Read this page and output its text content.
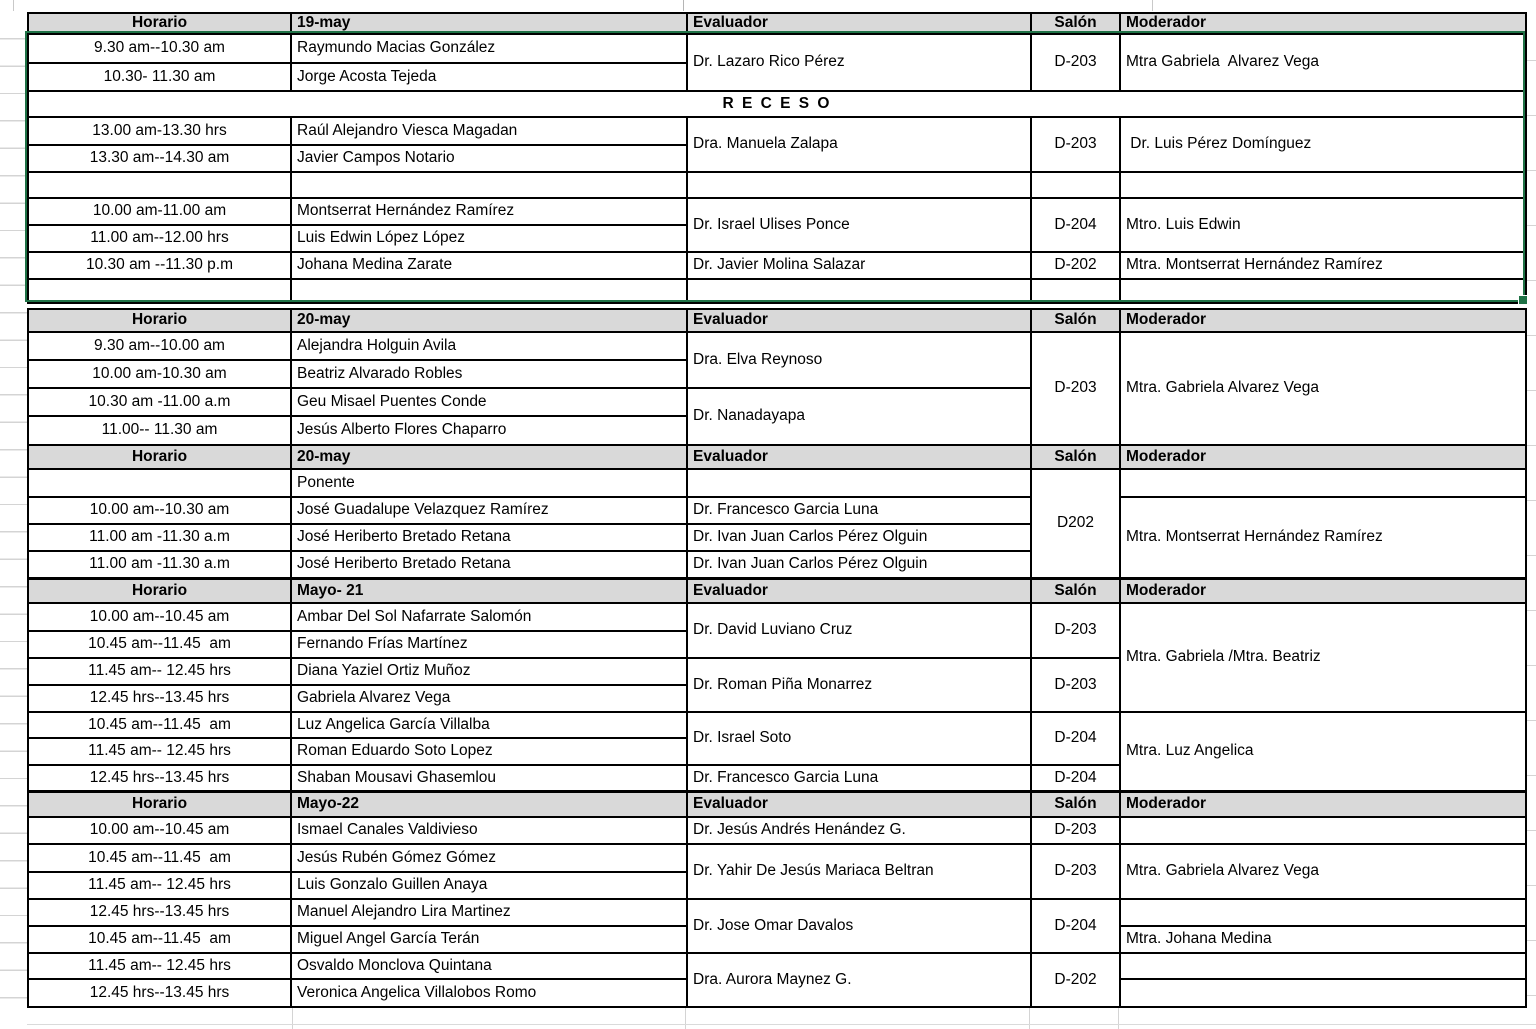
Horario	19-may	Evaluador	Salón	Moderador
9.30 am--10.30 am	Raymundo Macias González	Dr. Lazaro Rico Pérez	D-203	Mtra Gabriela  Alvarez Vega
10.30- 11.30 am	Jorge Acosta Tejeda			
R E C E S O				
13.00 am-13.30 hrs	Raúl Alejandro Viesca Magadan	Dra. Manuela Zalapa	D-203	Dr. Luis Pérez Domínguez
13.30 am--14.30 am	Javier Campos Notario			

10.00 am-11.00 am	Montserrat Hernández Ramírez	Dr. Israel Ulises Ponce	D-204	Mtro. Luis Edwin
11.00 am--12.00 hrs	Luis Edwin López López			
10.30 am --11.30 p.m	Johana Medina Zarate	Dr. Javier Molina Salazar	D-202	Mtra. Montserrat Hernández Ramírez

Horario	20-may	Evaluador	Salón	Moderador
9.30 am--10.00 am	Alejandra Holguin Avila	Dra. Elva Reynoso	D-203	Mtra. Gabriela Alvarez Vega
10.00 am-10.30 am	Beatriz Alvarado Robles			
10.30 am -11.00 a.m	Geu Misael Puentes Conde	Dr. Nanadayapa		
11.00-- 11.30 am	Jesús Alberto Flores Chaparro			
Horario	20-may	Evaluador	Salón	Moderador
	Ponente		D202	
10.00 am--10.30 am	José Guadalupe Velazquez Ramírez	Dr. Francesco Garcia Luna		Mtra. Montserrat Hernández Ramírez
11.00 am -11.30 a.m	José Heriberto Bretado Retana	Dr. Ivan Juan Carlos Pérez Olguin		
11.00 am -11.30 a.m	José Heriberto Bretado Retana	Dr. Ivan Juan Carlos Pérez Olguin		
Horario	Mayo- 21	Evaluador	Salón	Moderador
10.00 am--10.45 am	Ambar Del Sol Nafarrate Salomón	Dr. David Luviano Cruz	D-203	Mtra. Gabriela /Mtra. Beatriz
10.45 am--11.45  am	Fernando Frías Martínez			
11.45 am-- 12.45 hrs	Diana Yaziel Ortiz Muñoz	Dr. Roman Piña Monarrez	D-203	
12.45 hrs--13.45 hrs	Gabriela Alvarez Vega			
10.45 am--11.45  am	Luz Angelica García Villalba	Dr. Israel Soto	D-204	Mtra. Luz Angelica
11.45 am-- 12.45 hrs	Roman Eduardo Soto Lopez			
12.45 hrs--13.45 hrs	Shaban Mousavi Ghasemlou	Dr. Francesco Garcia Luna	D-204	
Horario	Mayo-22	Evaluador	Salón	Moderador
10.00 am--10.45 am	Ismael Canales Valdivieso	Dr. Jesús Andrés Henández G.	D-203	
10.45 am--11.45  am	Jesús Rubén Gómez Gómez	Dr. Yahir De Jesús Mariaca Beltran	D-203	Mtra. Gabriela Alvarez Vega
11.45 am-- 12.45 hrs	Luis Gonzalo Guillen Anaya			
12.45 hrs--13.45 hrs	Manuel Alejandro Lira Martinez	Dr. Jose Omar Davalos	D-204	
10.45 am--11.45  am	Miguel Angel García Terán			Mtra. Johana Medina
11.45 am-- 12.45 hrs	Osvaldo Monclova Quintana	Dra. Aurora Maynez G.	D-202	
12.45 hrs--13.45 hrs	Veronica Angelica Villalobos Romo			
